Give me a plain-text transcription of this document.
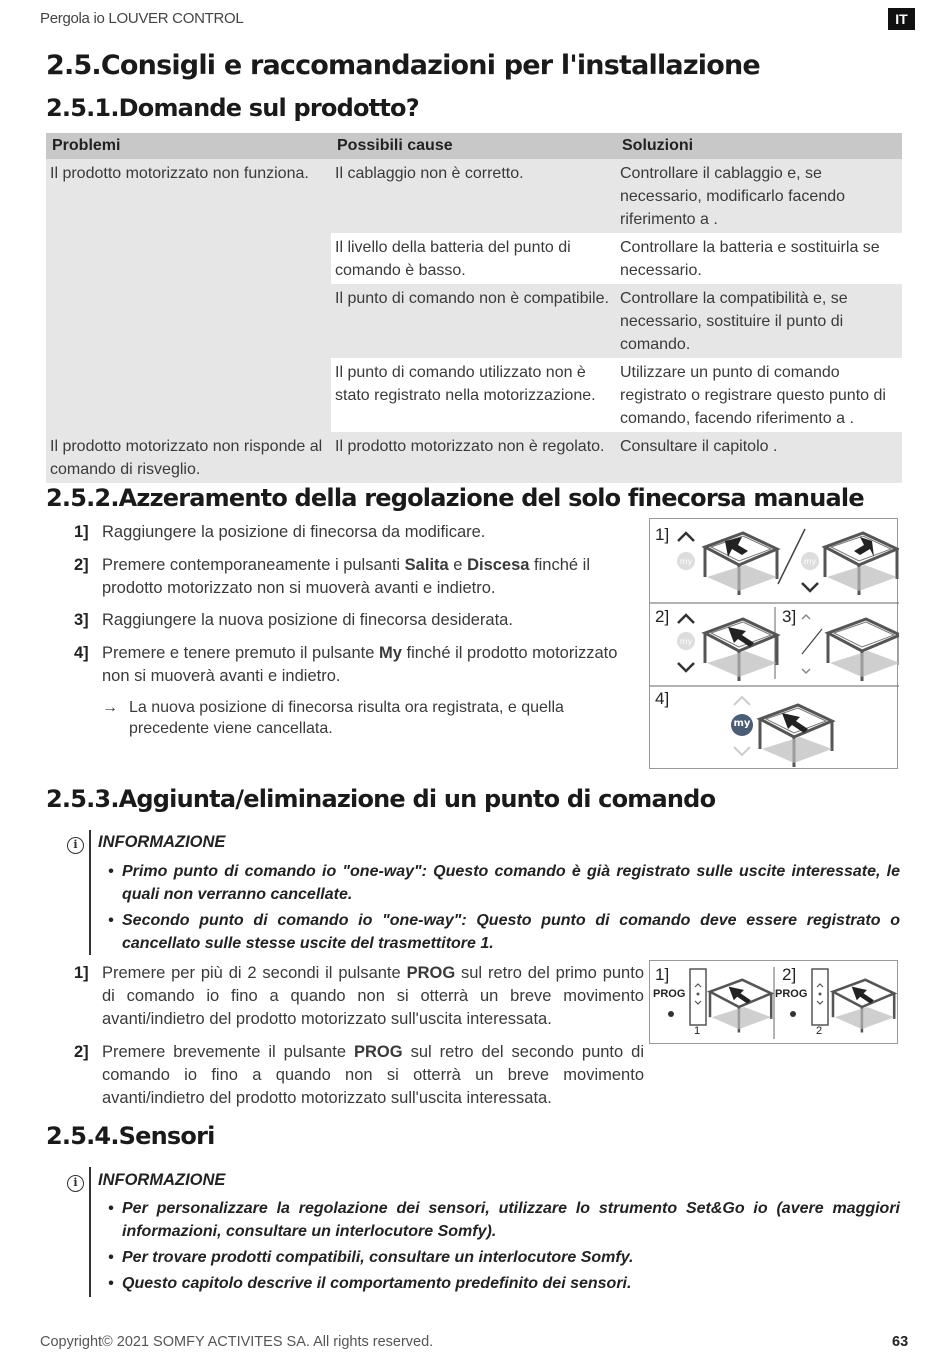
Pergola io LOUVER CONTROL	IT
2.5.Consigli e raccomandazioni per l'installazione
2.5.1.Domande sul prodotto?
Problemi	Possibili cause	Soluzioni
Il prodotto motorizzato non funziona.	Il cablaggio non è corretto.	Controllare il cablaggio e, se necessario, modificarlo facendo riferimento a .
	Il livello della batteria del punto di comando è basso.	Controllare la batteria e sostituirla se necessario.
	Il punto di comando non è compatibile.	Controllare la compatibilità e, se necessario, sostituire il punto di comando.
	Il punto di comando utilizzato non è stato registrato nella motorizzazione.	Utilizzare un punto di comando registrato o registrare questo punto di comando, facendo riferimento a .
Il prodotto motorizzato non risponde al comando di risveglio.	Il prodotto motorizzato non è regolato.	Consultare il capitolo .
2.5.2.Azzeramento della regolazione del solo finecorsa manuale
1] Raggiungere la posizione di finecorsa da modificare.
2] Premere contemporaneamente i pulsanti Salita e Discesa finché il prodotto motorizzato non si muoverà avanti e indietro.
3] Raggiungere la nuova posizione di finecorsa desiderata.
4] Premere e tenere premuto il pulsante My finché il prodotto motorizzato non si muoverà avanti e indietro.
→ La nuova posizione di finecorsa risulta ora registrata, e quella precedente viene cancellata.
my	my
my
1]
2]	3]
4]
my
2.5.3.Aggiunta/eliminazione di un punto di comando
i	INFORMAZIONE
• Primo punto di comando io "one-way": Questo comando è già registrato sulle uscite interessate, le quali non verranno cancellate.
• Secondo punto di comando io "one-way": Questo punto di comando deve essere registrato o cancellato sulle stesse uscite del trasmettitore 1.
1] Premere per più di 2 secondi il pulsante PROG sul retro del primo punto di comando io fino a quando non si otterrà un breve movimento avanti/indietro del prodotto motorizzato sull'uscita interessata.
2] Premere brevemente il pulsante PROG sul retro del secondo punto di comando io fino a quando non si otterrà un breve movimento avanti/indietro del prodotto motorizzato sull'uscita interessata.
1]	2]
PROG	PROG
1	2
2.5.4.Sensori
i	INFORMAZIONE
• Per personalizzare la regolazione dei sensori, utilizzare lo strumento Set&Go io (avere maggiori informazioni, consultare un interlocutore Somfy).
• Per trovare prodotti compatibili, consultare un interlocutore Somfy.
• Questo capitolo descrive il comportamento predefinito dei sensori.
Copyright© 2021 SOMFY ACTIVITES SA. All rights reserved.	63
